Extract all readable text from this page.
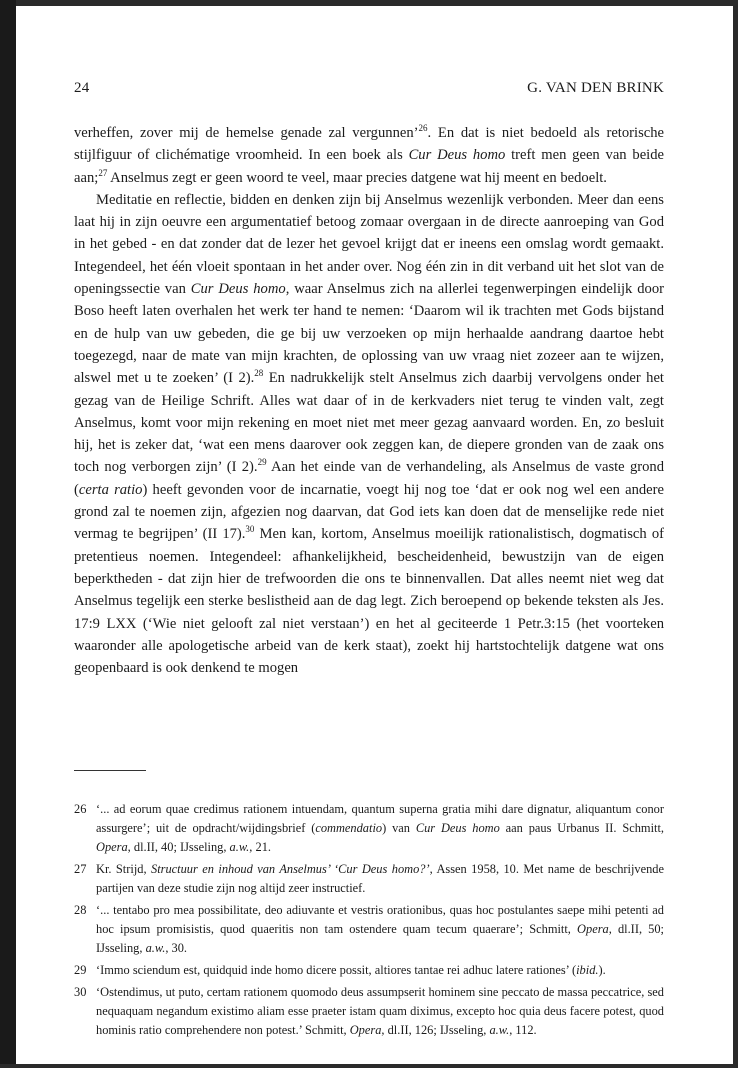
24	G. VAN DEN BRINK

verheffen, zover mij de hemelse genade zal vergunnen’$^{26}$. En dat is niet bedoeld als retorische stijlfiguur of clichématige vroomheid. In een boek als Cur Deus homo treft men geen van beide aan;$^{27}$ Anselmus zegt er geen woord te veel, maar precies datgene wat hij meent en bedoelt.

Meditatie en reflectie, bidden en denken zijn bij Anselmus wezenlijk verbonden. Meer dan eens laat hij in zijn oeuvre een argumentatief betoog zomaar overgaan in de directe aanroeping van God in het gebed - en dat zonder dat de lezer het gevoel krijgt dat er ineens een omslag wordt gemaakt. Integendeel, het één vloeit spontaan in het ander over. Nog één zin in dit verband uit het slot van de openingssectie van Cur Deus homo, waar Anselmus zich na allerlei tegenwerpingen eindelijk door Boso heeft laten overhalen het werk ter hand te nemen: ‘Daarom wil ik trachten met Gods bijstand en de hulp van uw gebeden, die ge bij uw verzoeken op mijn herhaalde aandrang daartoe hebt toegezegd, naar de mate van mijn krachten, de oplossing van uw vraag niet zozeer aan te wijzen, alswel met u te zoeken’ (I 2).$^{28}$ En nadrukkelijk stelt Anselmus zich daarbij vervolgens onder het gezag van de Heilige Schrift. Alles wat daar of in de kerkvaders niet terug te vinden valt, zegt Anselmus, komt voor mijn rekening en moet niet met meer gezag aanvaard worden. En, zo besluit hij, het is zeker dat, ‘wat een mens daarover ook zeggen kan, de diepere gronden van de zaak ons toch nog verborgen zijn’ (I 2).$^{29}$ Aan het einde van de verhandeling, als Anselmus de vaste grond (certa ratio) heeft gevonden voor de incarnatie, voegt hij nog toe ‘dat er ook nog wel een andere grond zal te noemen zijn, afgezien nog daarvan, dat God iets kan doen dat de menselijke rede niet vermag te begrijpen’ (II 17).$^{30}$ Men kan, kortom, Anselmus moeilijk rationalistisch, dogmatisch of pretentieus noemen. Integendeel: afhankelijkheid, bescheidenheid, bewustzijn van de eigen beperktheden - dat zijn hier de trefwoorden die ons te binnenvallen. Dat alles neemt niet weg dat Anselmus tegelijk een sterke beslistheid aan de dag legt. Zich beroepend op bekende teksten als Jes. 17:9 LXX (‘Wie niet gelooft zal niet verstaan’) en het al geciteerde 1 Petr.3:15 (het voorteken waaronder alle apologetische arbeid van de kerk staat), zoekt hij hartstochtelijk datgene wat ons geopenbaard is ook denkend te mogen

26 ‘... ad eorum quae credimus rationem intuendam, quantum superna gratia mihi dare dignatur, aliquantum conor assurgere’; uit de opdracht/wijdingsbrief (commendatio) van Cur Deus homo aan paus Urbanus II. Schmitt, Opera, dl.II, 40; IJsseling, a.w., 21.
27 Kr. Strijd, Structuur en inhoud van Anselmus’ ‘Cur Deus homo?’, Assen 1958, 10. Met name de beschrijvende partijen van deze studie zijn nog altijd zeer instructief.
28 ‘... tentabo pro mea possibilitate, deo adiuvante et vestris orationibus, quas hoc postulantes saepe mihi petenti ad hoc ipsum promisistis, quod quaeritis non tam ostendere quam tecum quaerare’; Schmitt, Opera, dl.II, 50; IJsseling, a.w., 30.
29 ‘Immo sciendum est, quidquid inde homo dicere possit, altiores tantae rei adhuc latere rationes’ (ibid.).
30 ‘Ostendimus, ut puto, certam rationem quomodo deus assumpserit hominem sine peccato de massa peccatrice, sed nequaquam negandum existimo aliam esse praeter istam quam diximus, excepto hoc quia deus facere potest, quod hominis ratio comprehendere non potest.’ Schmitt, Opera, dl.II, 126; IJsseling, a.w., 112.
